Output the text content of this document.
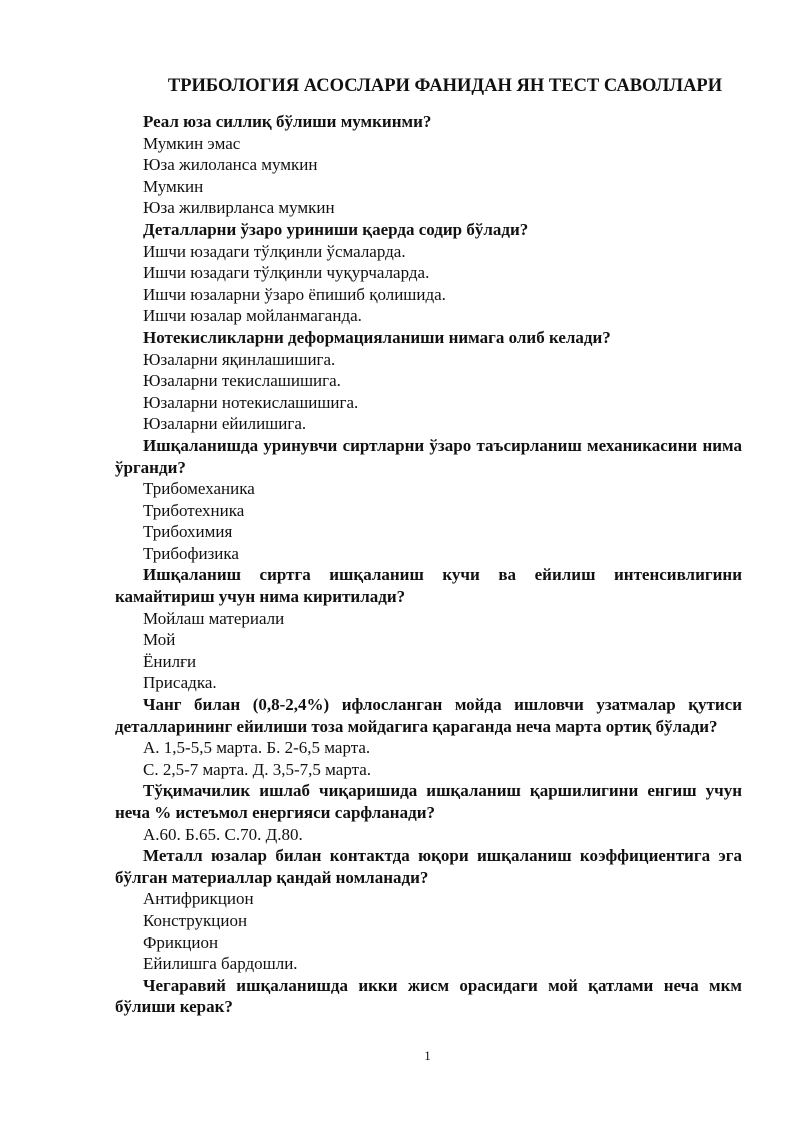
ТРИБОЛОГИЯ АСОСЛАРИ ФАНИДАН ЯН ТЕСТ САВОЛЛАРИ
Реал юза силлиқ бўлиши мумкинми?
Мумкин эмас
Юза жилоланса мумкин
Мумкин
Юза жилвирланса мумкин
Деталларни ўзаро уриниши қаерда содир бўлади?
Ишчи юзадаги тўлқинли ўсмаларда.
Ишчи юзадаги тўлқинли чуқурчаларда.
Ишчи юзаларни ўзаро ёпишиб қолишида.
Ишчи юзалар мойланмаганда.
Нотекисликларни деформацияланиши нимага олиб келади?
Юзаларни яқинлашишига.
Юзаларни текислашишига.
Юзаларни нотекислашишига.
Юзаларни ейилишига.
Ишқаланишда уринувчи сиртларни ўзаро таъсирланиш механикасини нима ўрганди?
Трибомеханика
Триботехника
Трибохимия
Трибофизика
Ишқаланиш сиртга ишқаланиш кучи ва ейилиш интенсивлигини камайтириш учун нима киритилади?
Мойлаш материали
Мой
Ёнилғи
Присадка.
Чанг билан (0,8-2,4%) ифлосланган мойда ишловчи узатмалар қутиси деталларининг ейилиши тоза мойдагига қараганда неча марта ортиқ бўлади?
А. 1,5-5,5 марта. Б. 2-6,5 марта.
С. 2,5-7 марта. Д. 3,5-7,5 марта.
Тўқимачилик ишлаб чиқаришида ишқаланиш қаршилигини енгиш учун неча % истеъмол енергияси сарфланади?
А.60. Б.65. С.70. Д.80.
Металл юзалар билан контактда юқори ишқаланиш коэффициентига эга бўлган материаллар қандай номланади?
Антифрикцион
Конструкцион
Фрикцион
Ейилишга бардошли.
Чегаравий ишқаланишда икки жисм орасидаги мой қатлами неча мкм бўлиши керак?
1
